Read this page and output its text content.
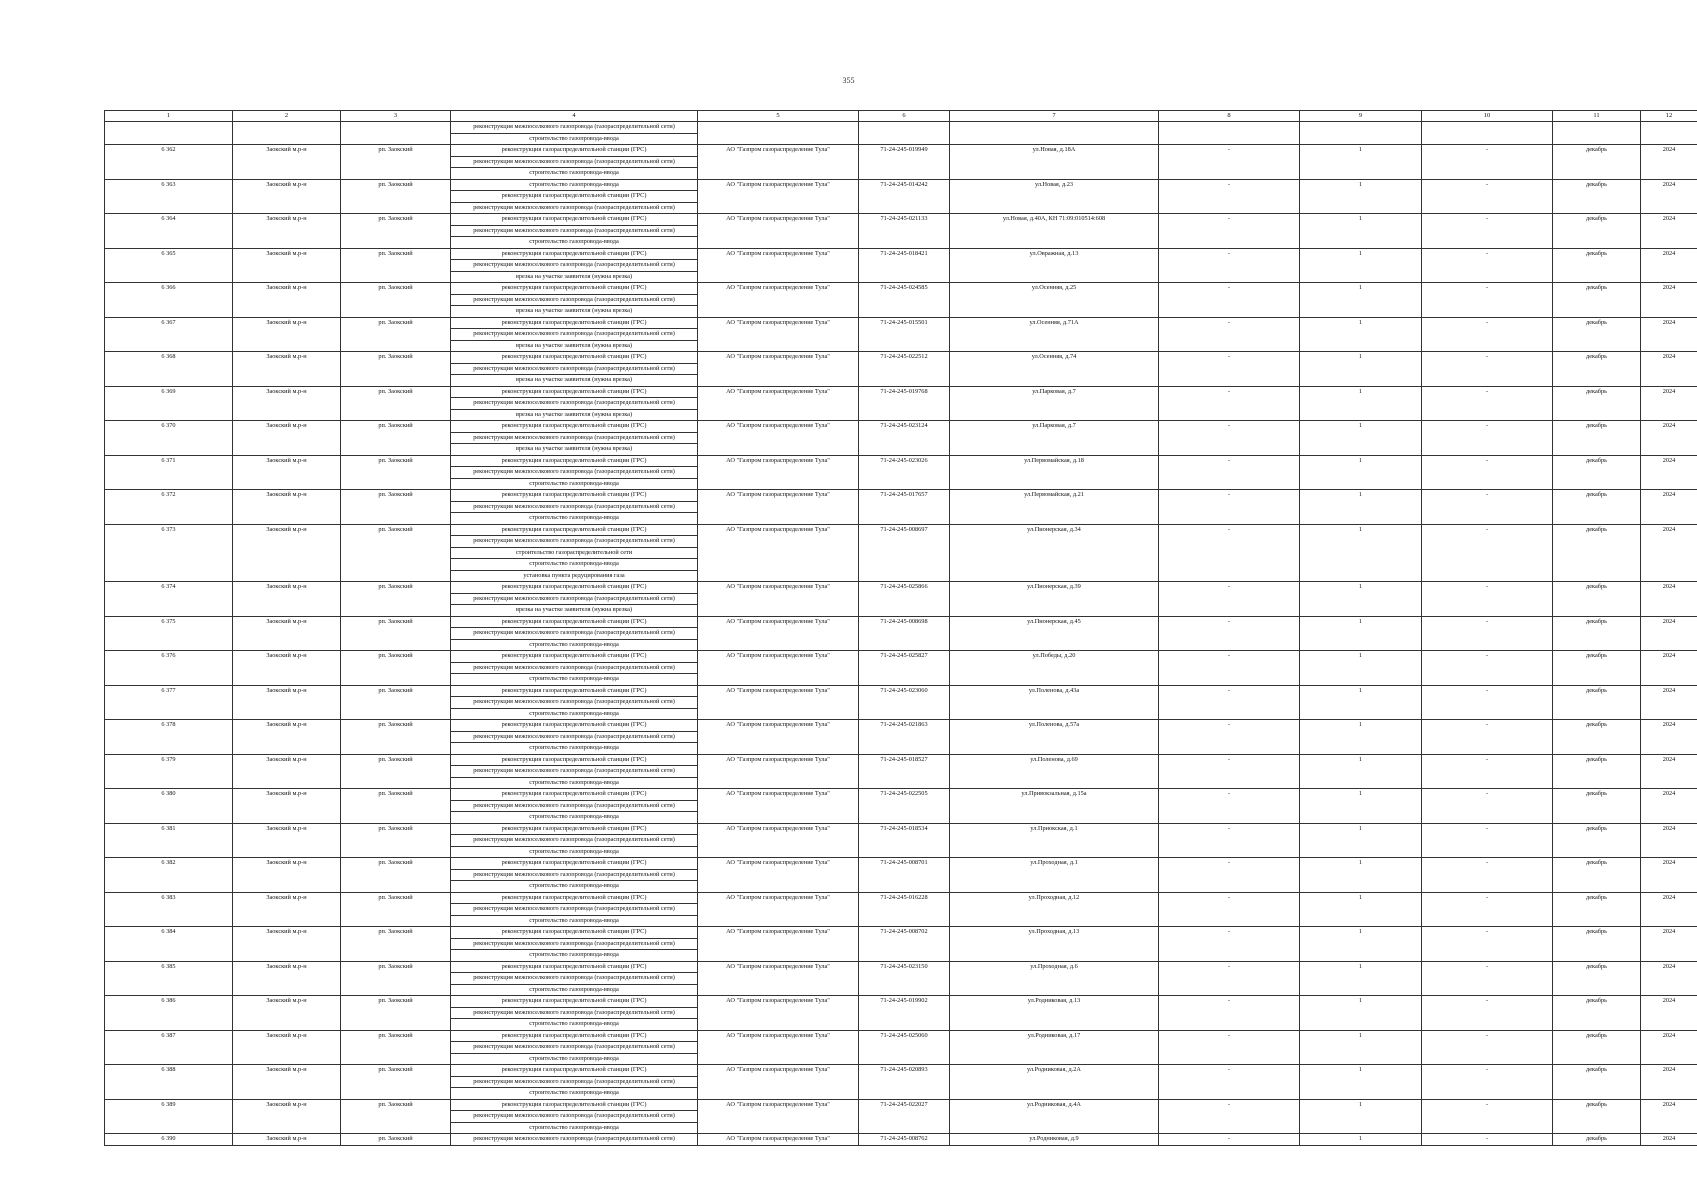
355
1	2	3	4	5	6	7	8	9	10	11	12

			реконструкция межпоселкового газопровода (газораспределительной сети)
строительство газопровода-ввода								

6 362	Заокский м.р-н	рп. Заокский	реконструкция газораспределительной станции (ГРС)
реконструкция межпоселкового газопровода (газораспределительной сети)
строительство газопровода-ввода	АО "Газпром газораспределение Тула"	71-24-245-019949	ул.Новая, д.18А	-	1	-	декабрь	2024
6 363	Заокский м.р-н	рп. Заокский	строительство газопровода-ввода
реконструкция газораспределительной станции (ГРС)
реконструкция межпоселкового газопровода (газораспределительной сети)	АО "Газпром газораспределение Тула"	71-24-245-014242	ул.Новая, д.23	-	1	-	декабрь	2024
6 364	Заокский м.р-н	рп. Заокский	реконструкция газораспределительной станции (ГРС)
реконструкция межпоселкового газопровода (газораспределительной сети)
строительство газопровода-ввода	АО "Газпром газораспределение Тула"	71-24-245-021133	ул.Новая, д.40А, КН 71:09:010514:608	-	1	-	декабрь	2024
6 365	Заокский м.р-н	рп. Заокский	реконструкция газораспределительной станции (ГРС)
реконструкция межпоселкового газопровода (газораспределительной сети)
врезка на участке заявителя (нужна врезка)	АО "Газпром газораспределение Тула"	71-24-245-018421	ул.Овражная, д.13	-	1	-	декабрь	2024
6 366	Заокский м.р-н	рп. Заокский	реконструкция газораспределительной станции (ГРС)
реконструкция межпоселкового газопровода (газораспределительной сети)
врезка на участке заявителя (нужна врезка)	АО "Газпром газораспределение Тула"	71-24-245-024585	ул.Осенняя, д.25	-	1	-	декабрь	2024
6 367	Заокский м.р-н	рп. Заокский	реконструкция газораспределительной станции (ГРС)
реконструкция межпоселкового газопровода (газораспределительной сети)
врезка на участке заявителя (нужна врезка)	АО "Газпром газораспределение Тула"	71-24-245-015501	ул.Осенняя, д.71А	-	1	-	декабрь	2024
6 368	Заокский м.р-н	рп. Заокский	реконструкция газораспределительной станции (ГРС)
реконструкция межпоселкового газопровода (газораспределительной сети)
врезка на участке заявителя (нужна врезка)	АО "Газпром газораспределение Тула"	71-24-245-022512	ул.Осенняя, д.74	-	1	-	декабрь	2024
6 369	Заокский м.р-н	рп. Заокский	реконструкция газораспределительной станции (ГРС)
реконструкция межпоселкового газопровода (газораспределительной сети)
врезка на участке заявителя (нужна врезка)	АО "Газпром газораспределение Тула"	71-24-245-019768	ул.Парковая, д.7	-	1	-	декабрь	2024
6 370	Заокский м.р-н	рп. Заокский	реконструкция газораспределительной станции (ГРС)
реконструкция межпоселкового газопровода (газораспределительной сети)
врезка на участке заявителя (нужна врезка)	АО "Газпром газораспределение Тула"	71-24-245-023124	ул.Парковая, д.7	-	1	-	декабрь	2024
6 371	Заокский м.р-н	рп. Заокский	реконструкция газораспределительной станции (ГРС)
реконструкция межпоселкового газопровода (газораспределительной сети)
строительство газопровода-ввода	АО "Газпром газораспределение Тула"	71-24-245-023026	ул.Первомайская, д.18	-	1	-	декабрь	2024
6 372	Заокский м.р-н	рп. Заокский	реконструкция газораспределительной станции (ГРС)
реконструкция межпоселкового газопровода (газораспределительной сети)
строительство газопровода-ввода	АО "Газпром газораспределение Тула"	71-24-245-017657	ул.Первомайская, д.21	-	1	-	декабрь	2024
6 373	Заокский м.р-н	рп. Заокский	реконструкция газораспределительной станции (ГРС)
реконструкция межпоселкового газопровода (газораспределительной сети)
строительство газораспределительной сети
строительство газопровода-ввода
установка пункта редуцирования газа	АО "Газпром газораспределение Тула"	71-24-245-008697	ул.Пионерская, д.34	-	1	-	декабрь	2024
6 374	Заокский м.р-н	рп. Заокский	реконструкция газораспределительной станции (ГРС)
реконструкция межпоселкового газопровода (газораспределительной сети)
врезка на участке заявителя (нужна врезка)	АО "Газпром газораспределение Тула"	71-24-245-025866	ул.Пионерская, д.39	-	1	-	декабрь	2024
6 375	Заокский м.р-н	рп. Заокский	реконструкция газораспределительной станции (ГРС)
реконструкция межпоселкового газопровода (газораспределительной сети)
строительство газопровода-ввода	АО "Газпром газораспределение Тула"	71-24-245-008698	ул.Пионерская, д.45	-	1	-	декабрь	2024
6 376	Заокский м.р-н	рп. Заокский	реконструкция газораспределительной станции (ГРС)
реконструкция межпоселкового газопровода (газораспределительной сети)
строительство газопровода-ввода	АО "Газпром газораспределение Тула"	71-24-245-025827	ул.Победы, д.20	-	1	-	декабрь	2024
6 377	Заокский м.р-н	рп. Заокский	реконструкция газораспределительной станции (ГРС)
реконструкция межпоселкового газопровода (газораспределительной сети)
строительство газопровода-ввода	АО "Газпром газораспределение Тула"	71-24-245-023060	ул.Поленова, д.43а	-	1	-	декабрь	2024
6 378	Заокский м.р-н	рп. Заокский	реконструкция газораспределительной станции (ГРС)
реконструкция межпоселкового газопровода (газораспределительной сети)
строительство газопровода-ввода	АО "Газпром газораспределение Тула"	71-24-245-021863	ул.Поленова, д.57а	-	1	-	декабрь	2024
6 379	Заокский м.р-н	рп. Заокский	реконструкция газораспределительной станции (ГРС)
реконструкция межпоселкового газопровода (газораспределительной сети)
строительство газопровода-ввода	АО "Газпром газораспределение Тула"	71-24-245-018527	ул.Поленова, д.69	-	1	-	декабрь	2024
6 380	Заокский м.р-н	рп. Заокский	реконструкция газораспределительной станции (ГРС)
реконструкция межпоселкового газопровода (газораспределительной сети)
строительство газопровода-ввода	АО "Газпром газораспределение Тула"	71-24-245-022505	ул.Привокзальная, д.15а	-	1	-	декабрь	2024
6 381	Заокский м.р-н	рп. Заокский	реконструкция газораспределительной станции (ГРС)
реконструкция межпоселкового газопровода (газораспределительной сети)
строительство газопровода-ввода	АО "Газпром газораспределение Тула"	71-24-245-018534	ул.Приокская, д.1	-	1	-	декабрь	2024
6 382	Заокский м.р-н	рп. Заокский	реконструкция газораспределительной станции (ГРС)
реконструкция межпоселкового газопровода (газораспределительной сети)
строительство газопровода-ввода	АО "Газпром газораспределение Тула"	71-24-245-008701	ул.Проходная, д.1	-	1	-	декабрь	2024
6 383	Заокский м.р-н	рп. Заокский	реконструкция газораспределительной станции (ГРС)
реконструкция межпоселкового газопровода (газораспределительной сети)
строительство газопровода-ввода	АО "Газпром газораспределение Тула"	71-24-245-016228	ул.Проходная, д.12	-	1	-	декабрь	2024
6 384	Заокский м.р-н	рп. Заокский	реконструкция газораспределительной станции (ГРС)
реконструкция межпоселкового газопровода (газораспределительной сети)
строительство газопровода-ввода	АО "Газпром газораспределение Тула"	71-24-245-008702	ул.Проходная, д.13	-	1	-	декабрь	2024
6 385	Заокский м.р-н	рп. Заокский	реконструкция газораспределительной станции (ГРС)
реконструкция межпоселкового газопровода (газораспределительной сети)
строительство газопровода-ввода	АО "Газпром газораспределение Тула"	71-24-245-023150	ул.Проходная, д.6	-	1	-	декабрь	2024
6 386	Заокский м.р-н	рп. Заокский	реконструкция газораспределительной станции (ГРС)
реконструкция межпоселкового газопровода (газораспределительной сети)
строительство газопровода-ввода	АО "Газпром газораспределение Тула"	71-24-245-019902	ул.Родниковая, д.13	-	1	-	декабрь	2024
6 387	Заокский м.р-н	рп. Заокский	реконструкция газораспределительной станции (ГРС)
реконструкция межпоселкового газопровода (газораспределительной сети)
строительство газопровода-ввода	АО "Газпром газораспределение Тула"	71-24-245-025060	ул.Родниковая, д.17	-	1	-	декабрь	2024
6 388	Заокский м.р-н	рп. Заокский	реконструкция газораспределительной станции (ГРС)
реконструкция межпоселкового газопровода (газораспределительной сети)
строительство газопровода-ввода	АО "Газпром газораспределение Тула"	71-24-245-020893	ул.Родниковая, д.2А	-	1	-	декабрь	2024
6 389	Заокский м.р-н	рп. Заокский	реконструкция газораспределительной станции (ГРС)
реконструкция межпоселкового газопровода (газораспределительной сети)
строительство газопровода-ввода	АО "Газпром газораспределение Тула"	71-24-245-022027	ул.Родниковая, д.4А	-	1	-	декабрь	2024
6 390	Заокский м.р-н	рп. Заокский	реконструкция межпоселкового газопровода (газораспределительной сети)	АО "Газпром газораспределение Тула"	71-24-245-008762	ул.Родниковая, д.9	-	1	-	декабрь	2024
